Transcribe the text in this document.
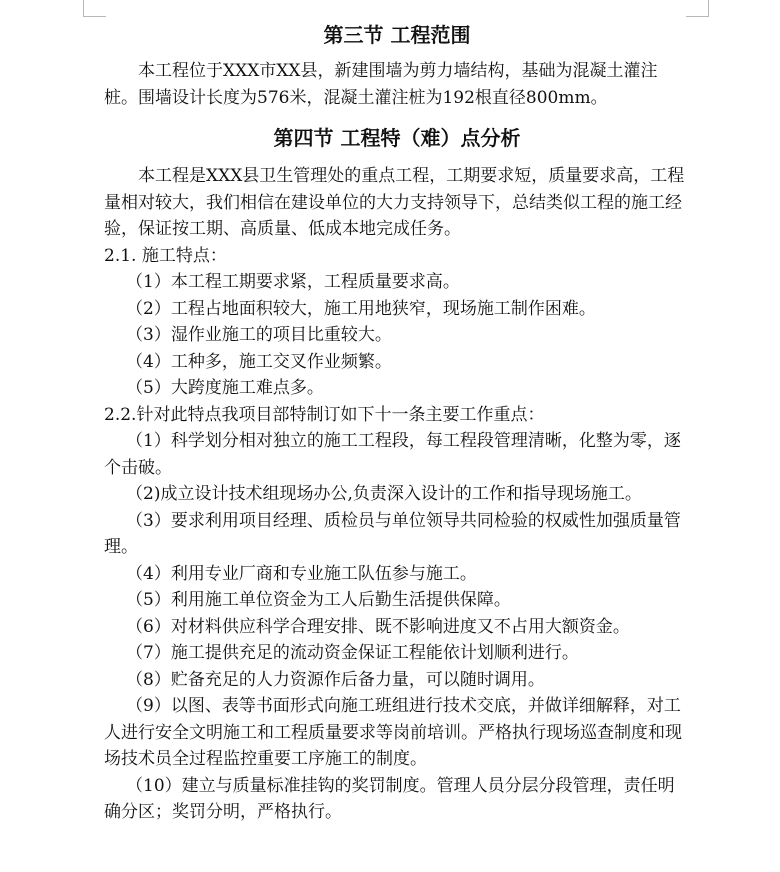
第三节 工程范围

本工程位于XXX市XX县，新建围墙为剪力墙结构，基础为混凝土灌注桩。围墙设计长度为576米，混凝土灌注桩为192根直径800mm。

第四节 工程特（难）点分析

本工程是XXX县卫生管理处的重点工程，工期要求短，质量要求高，工程量相对较大，我们相信在建设单位的大力支持领导下，总结类似工程的施工经验，保证按工期、高质量、低成本地完成任务。

2.1. 施工特点：

（1）本工程工期要求紧，工程质量要求高。

（2）工程占地面积较大，施工用地狭窄，现场施工制作困难。

（3）湿作业施工的项目比重较大。

（4）工种多，施工交叉作业频繁。

（5）大跨度施工难点多。

2.2.针对此特点我项目部特制订如下十一条主要工作重点：

（1）科学划分相对独立的施工工程段，每工程段管理清晰，化整为零，逐个击破。

（2)成立设计技术组现场办公,负责深入设计的工作和指导现场施工。

（3）要求利用项目经理、质检员与单位领导共同检验的权威性加强质量管理。

（4）利用专业厂商和专业施工队伍参与施工。

（5）利用施工单位资金为工人后勤生活提供保障。

（6）对材料供应科学合理安排、既不影响进度又不占用大额资金。

（7）施工提供充足的流动资金保证工程能依计划顺利进行。

（8）贮备充足的人力资源作后备力量，可以随时调用。

（9）以图、表等书面形式向施工班组进行技术交底，并做详细解释，对工人进行安全文明施工和工程质量要求等岗前培训。严格执行现场巡查制度和现场技术员全过程监控重要工序施工的制度。

（10）建立与质量标准挂钩的奖罚制度。管理人员分层分段管理，责任明确分区；奖罚分明，严格执行。
